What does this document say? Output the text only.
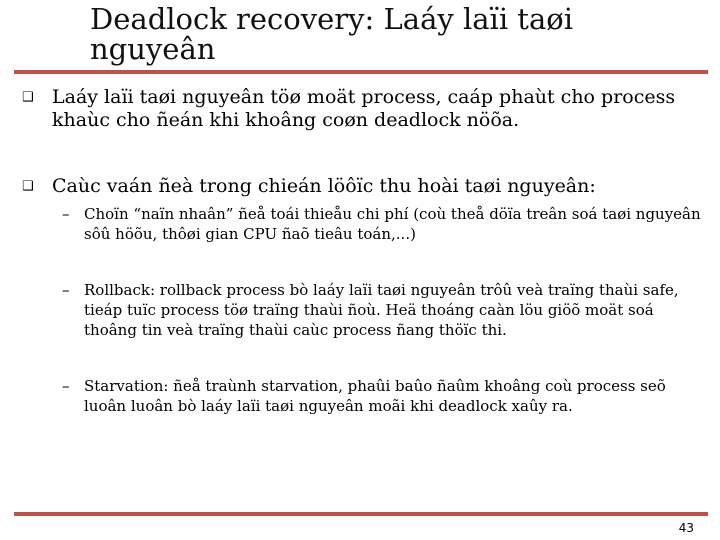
Deadlock recovery: Laáy laïi taøi nguyeân
❑ Laáy laïi taøi nguyeân töø moät process, caáp phaùt cho process khaùc cho ñeán khi khoâng coøn deadlock nöõa.
❑ Caùc vaán ñeà trong chieán löôïc thu hoài taøi nguyeân:
– Choïn “naïn nhaân” ñeå toái thieåu chi phí (coù theå döïa treân soá taøi nguyeân sôû höõu, thôøi gian CPU ñaõ tieâu toán,...)
– Rollback: rollback process bò laáy laïi taøi nguyeân trôû veà traïng thaùi safe, tieáp tuïc process töø traïng thaùi ñoù. Heä thoáng caàn löu giöõ moät soá thoâng tin veà traïng thaùi caùc process ñang thöïc thi.
– Starvation: ñeå traùnh starvation, phaûi baûo ñaûm khoâng coù process seõ luoân luoân bò laáy laïi taøi nguyeân moãi khi deadlock xaûy ra.
43
